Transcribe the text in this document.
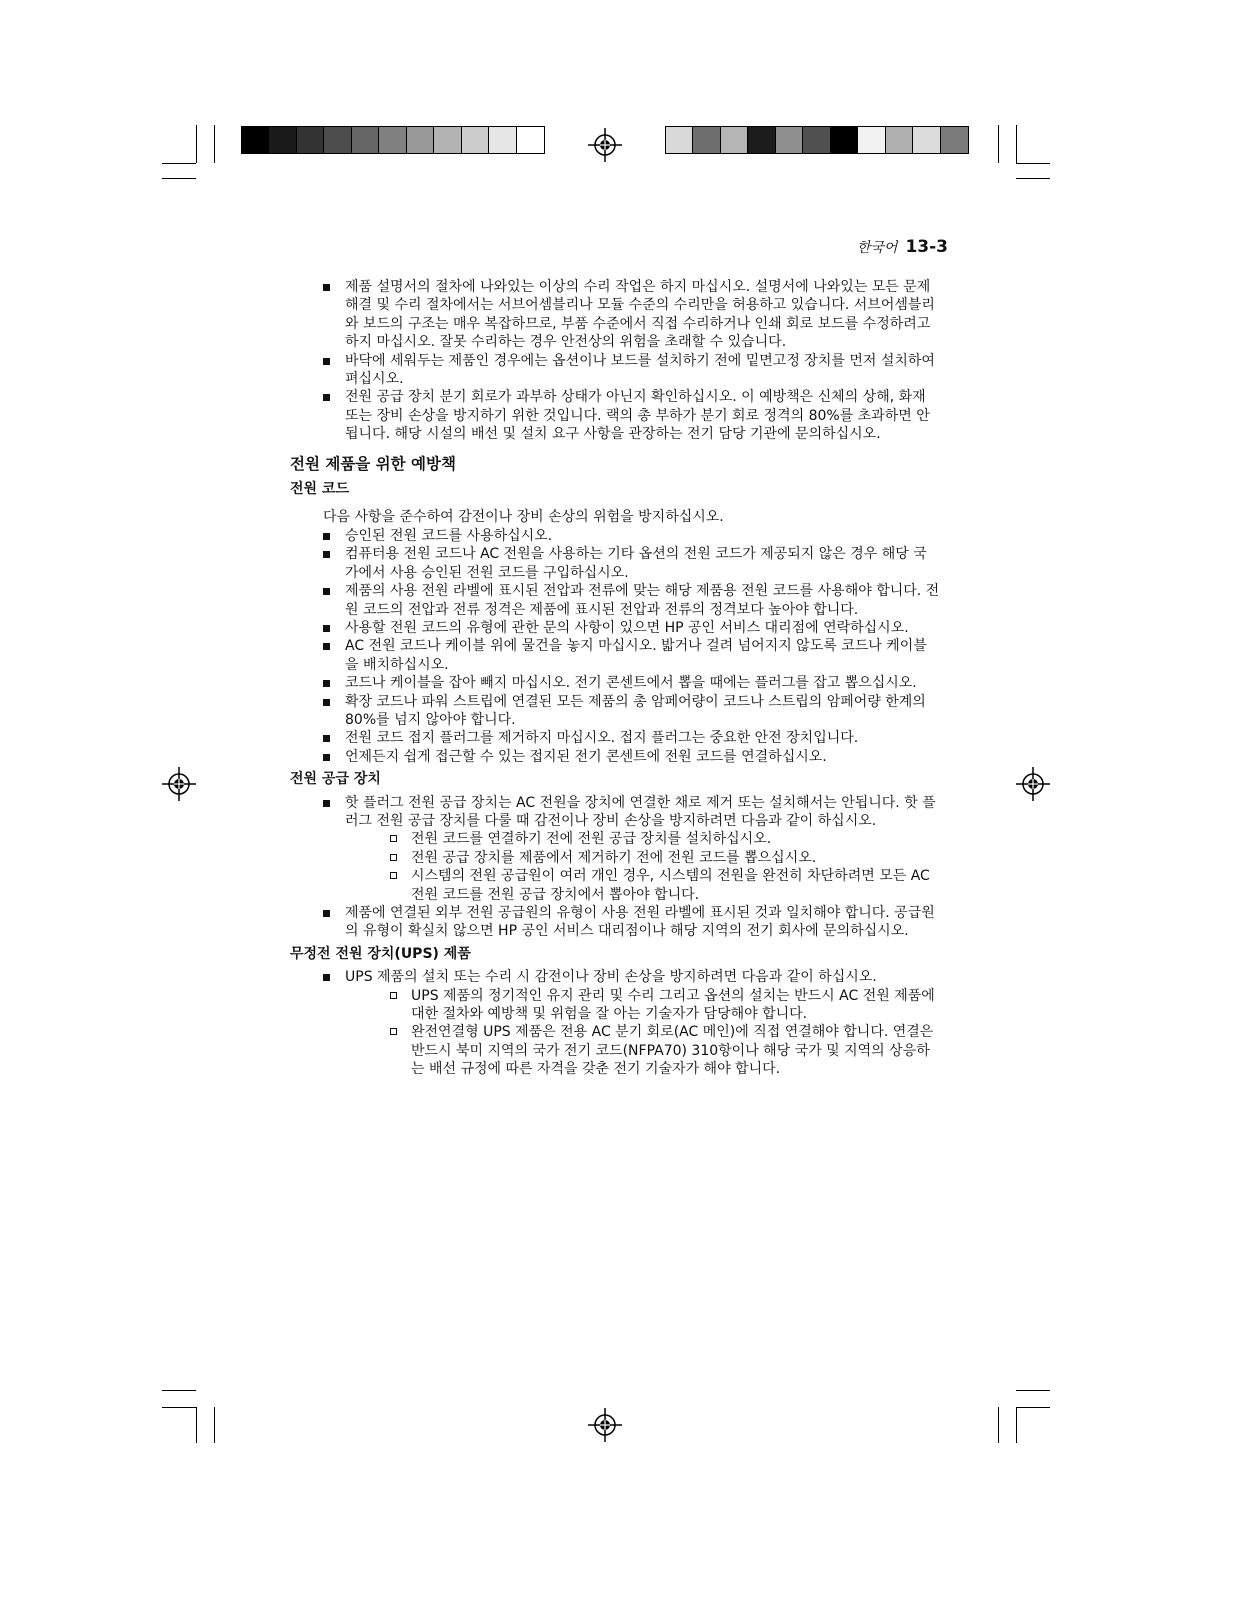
한국어 13-3
제품 설명서의 절차에 나와있는 이상의 수리 작업은 하지 마십시오. 설명서에 나와있는 모든 문제 해결 및 수리 절차에서는 서브어셈블리나 모듈 수준의 수리만을 허용하고 있습니다. 서브어셈블리와 보드의 구조는 매우 복잡하므로, 부품 수준에서 직접 수리하거나 인쇄 회로 보드를 수정하려고 하지 마십시오. 잘못 수리하는 경우 안전상의 위험을 초래할 수 있습니다.
바닥에 세워두는 제품인 경우에는 옵션이나 보드를 설치하기 전에 밑면고정 장치를 먼저 설치하여 펴십시오.
전원 공급 장치 분기 회로가 과부하 상태가 아닌지 확인하십시오. 이 예방책은 신체의 상해, 화재 또는 장비 손상을 방지하기 위한 것입니다. 랙의 총 부하가 분기 회로 정격의 80%를 초과하면 안됩니다. 해당 시설의 배선 및 설치 요구 사항을 관장하는 전기 담당 기관에 문의하십시오.
전원 제품을 위한 예방책
전원 코드
다음 사항을 준수하여 감전이나 장비 손상의 위험을 방지하십시오.
승인된 전원 코드를 사용하십시오.
컴퓨터용 전원 코드나 AC 전원을 사용하는 기타 옵션의 전원 코드가 제공되지 않은 경우 해당 국가에서 사용 승인된 전원 코드를 구입하십시오.
제품의 사용 전원 라벨에 표시된 전압과 전류에 맞는 해당 제품용 전원 코드를 사용해야 합니다. 전원 코드의 전압과 전류 정격은 제품에 표시된 전압과 전류의 정격보다 높아야 합니다.
사용할 전원 코드의 유형에 관한 문의 사항이 있으면 HP 공인 서비스 대리점에 연락하십시오.
AC 전원 코드나 케이블 위에 물건을 놓지 마십시오. 밟거나 걸려 넘어지지 않도록 코드나 케이블을 배치하십시오.
코드나 케이블을 잡아 빼지 마십시오. 전기 콘센트에서 뽑을 때에는 플러그를 잡고 뽑으십시오.
확장 코드나 파워 스트립에 연결된 모든 제품의 총 암페어량이 코드나 스트립의 암페어량 한계의 80%를 넘지 않아야 합니다.
전원 코드 접지 플러그를 제거하지 마십시오. 접지 플러그는 중요한 안전 장치입니다.
언제든지 쉽게 접근할 수 있는 접지된 전기 콘센트에 전원 코드를 연결하십시오.
전원 공급 장치
핫 플러그 전원 공급 장치는 AC 전원을 장치에 연결한 채로 제거 또는 설치해서는 안됩니다. 핫 플러그 전원 공급 장치를 다룰 때 감전이나 장비 손상을 방지하려면 다음과 같이 하십시오.
전원 코드를 연결하기 전에 전원 공급 장치를 설치하십시오.
전원 공급 장치를 제품에서 제거하기 전에 전원 코드를 뽑으십시오.
시스템의 전원 공급원이 여러 개인 경우, 시스템의 전원을 완전히 차단하려면 모든 AC 전원 코드를 전원 공급 장치에서 뽑아야 합니다.
제품에 연결된 외부 전원 공급원의 유형이 사용 전원 라벨에 표시된 것과 일치해야 합니다. 공급원의 유형이 확실치 않으면 HP 공인 서비스 대리점이나 해당 지역의 전기 회사에 문의하십시오.
무정전 전원 장치(UPS) 제품
UPS 제품의 설치 또는 수리 시 감전이나 장비 손상을 방지하려면 다음과 같이 하십시오.
UPS 제품의 정기적인 유지 관리 및 수리 그리고 옵션의 설치는 반드시 AC 전원 제품에 대한 절차와 예방책 및 위험을 잘 아는 기술자가 담당해야 합니다.
완전연결형 UPS 제품은 전용 AC 분기 회로(AC 메인)에 직접 연결해야 합니다. 연결은 반드시 북미 지역의 국가 전기 코드(NFPA70) 310항이나 해당 국가 및 지역의 상응하는 배선 규정에 따른 자격을 갖춘 전기 기술자가 해야 합니다.
